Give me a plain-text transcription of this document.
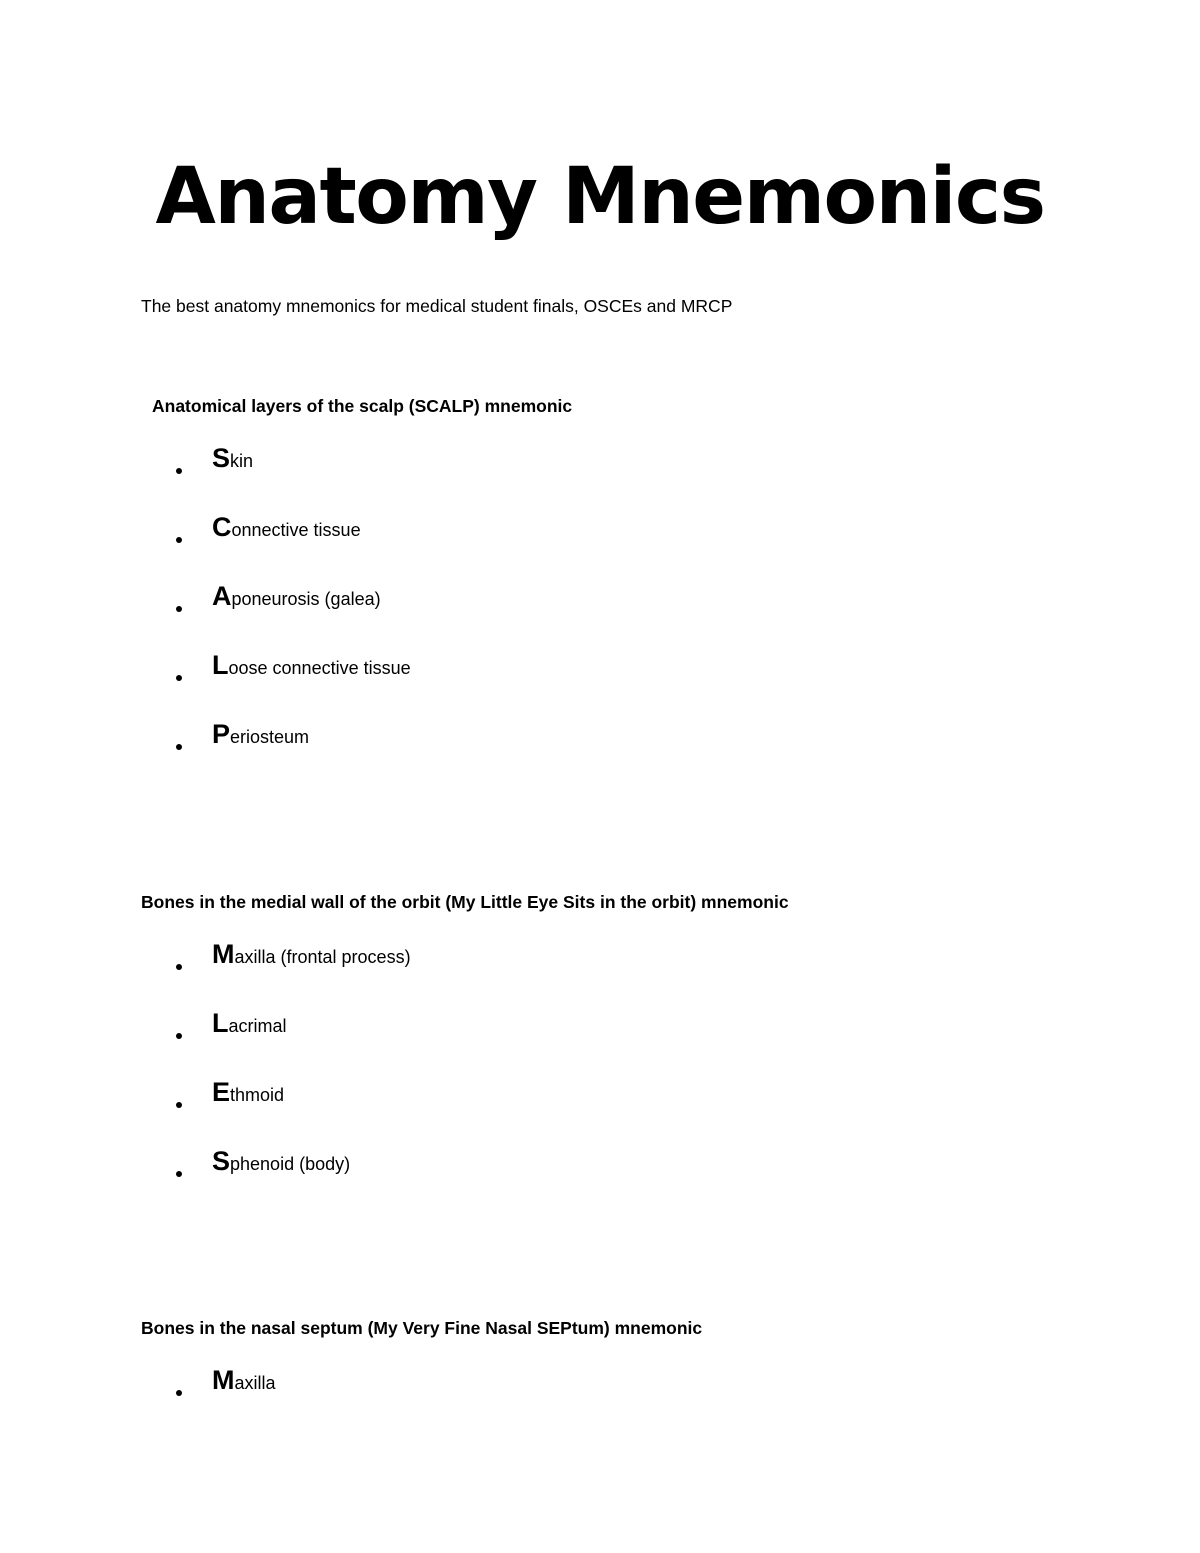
Anatomy Mnemonics

The best anatomy mnemonics for medical student finals, OSCEs and MRCP

Anatomical layers of the scalp (SCALP) mnemonic
Skin
Connective tissue
Aponeurosis (galea)
Loose connective tissue
Periosteum
Bones in the medial wall of the orbit (My Little Eye Sits in the orbit) mnemonic
Maxilla (frontal process)
Lacrimal
Ethmoid
Sphenoid (body)
Bones in the nasal septum (My Very Fine Nasal SEPtum) mnemonic
Maxilla
